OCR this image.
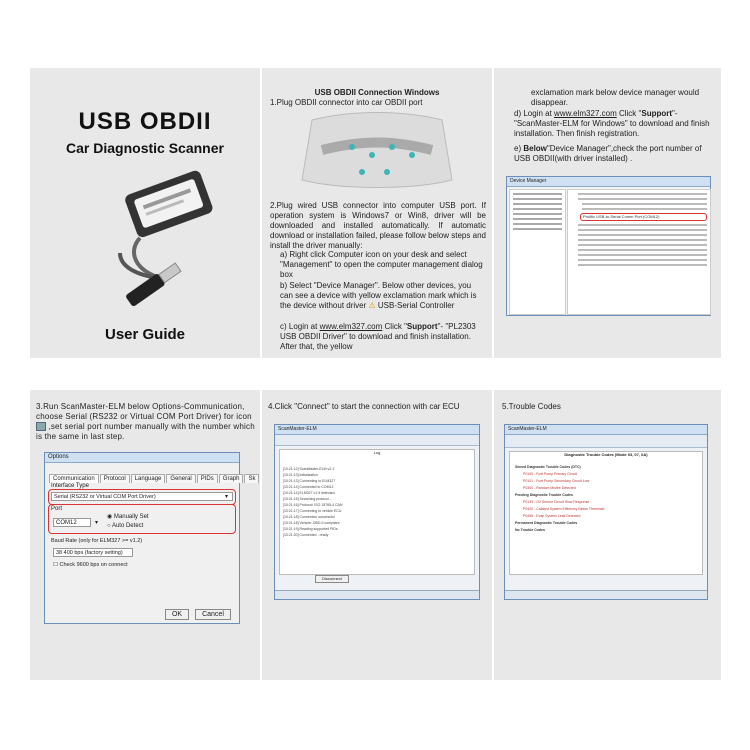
USB OBDII
Car Diagnostic Scanner
User Guide
USB OBDII Connection Windows
1.Plug OBDII connector into car OBDII port
2.Plug wired USB connector into computer USB port. If operation system is Windows7 or Win8, driver will be downloaded and installed automatically. If automatic download or installation failed, please follow below steps and install the driver manually:
a) Right click Computer icon on your desk and select "Management" to open the computer management dialog box
b) Select "Device Manager". Below other devices, you can see a device with yellow exclamation mark which is the device without driver ⚠ USB-Serial Controller
c) Login at www.elm327.com Click "Support"- "PL2303 USB OBDII Driver" to download and finish installation. After that, the yellow
exclamation mark below device manager would disappear.
d) Login at www.elm327.com Click "Support"- "ScanMaster-ELM for Windows" to download and finish installation. Then finish registration.
e) Below"Device Manager",check the port number of USB OBDII(with driver installed) .
Device Manager
Prolific USB-to-Serial Comm Port (COM12)
3.Run ScanMaster-ELM below Options-Communication, choose Serial (RS232 or Virtual COM Port Driver) for icon  ,set serial port number manually with the number which is the same in last step.
Options
Communication Protocol Language General PIDs Graph Sk
Interface Type
Serial (RS232 or Virtual COM Port Driver)	▾
Port
COM12	▾
◉ Manually Set
○ Auto Detect
Baud Rate (only for ELM327 >= v1.2)
38 400 bps (factory setting)
☐ Check 9600 bps on connect
OK	Cancel
4.Click "Connect" to start the connection with car ECU
ScanMaster-ELM
Log
[10:21:12] ScanMaster-ELM v2.1
[10:21:13] Initialization
[10:21:13] Connecting to ELM327
[10:21:14] Connected to COM12
[10:21:14] ELM327 v1.5 detected
[10:21:15] Searching protocol...
[10:21:16] Protocol: ISO 15765-4 CAN
[10:21:17] Connecting to vehicle ECU
[10:21:18] Connection successful
[10:21:18] Vehicle: OBD-II compliant
[10:21:19] Reading supported PIDs
[10:21:20] Connected - ready
Disconnect
5.Trouble Codes
ScanMaster-ELM
Diagnostic Trouble Codes (Mode 03, 07, 0A)
Stored Diagnostic Trouble Codes (DTC)
P0100 - Fuel Pump Primary Circuit
P0101 - Fuel Pump Secondary Circuit Low
P0300 - Random Misfire Detected
Pending Diagnostic Trouble Codes
P0133 - O2 Sensor Circuit Slow Response
P0420 - Catalyst System Efficiency Below Threshold
P0455 - Evap System Leak Detected
Permanent Diagnostic Trouble Codes
No Trouble Codes
